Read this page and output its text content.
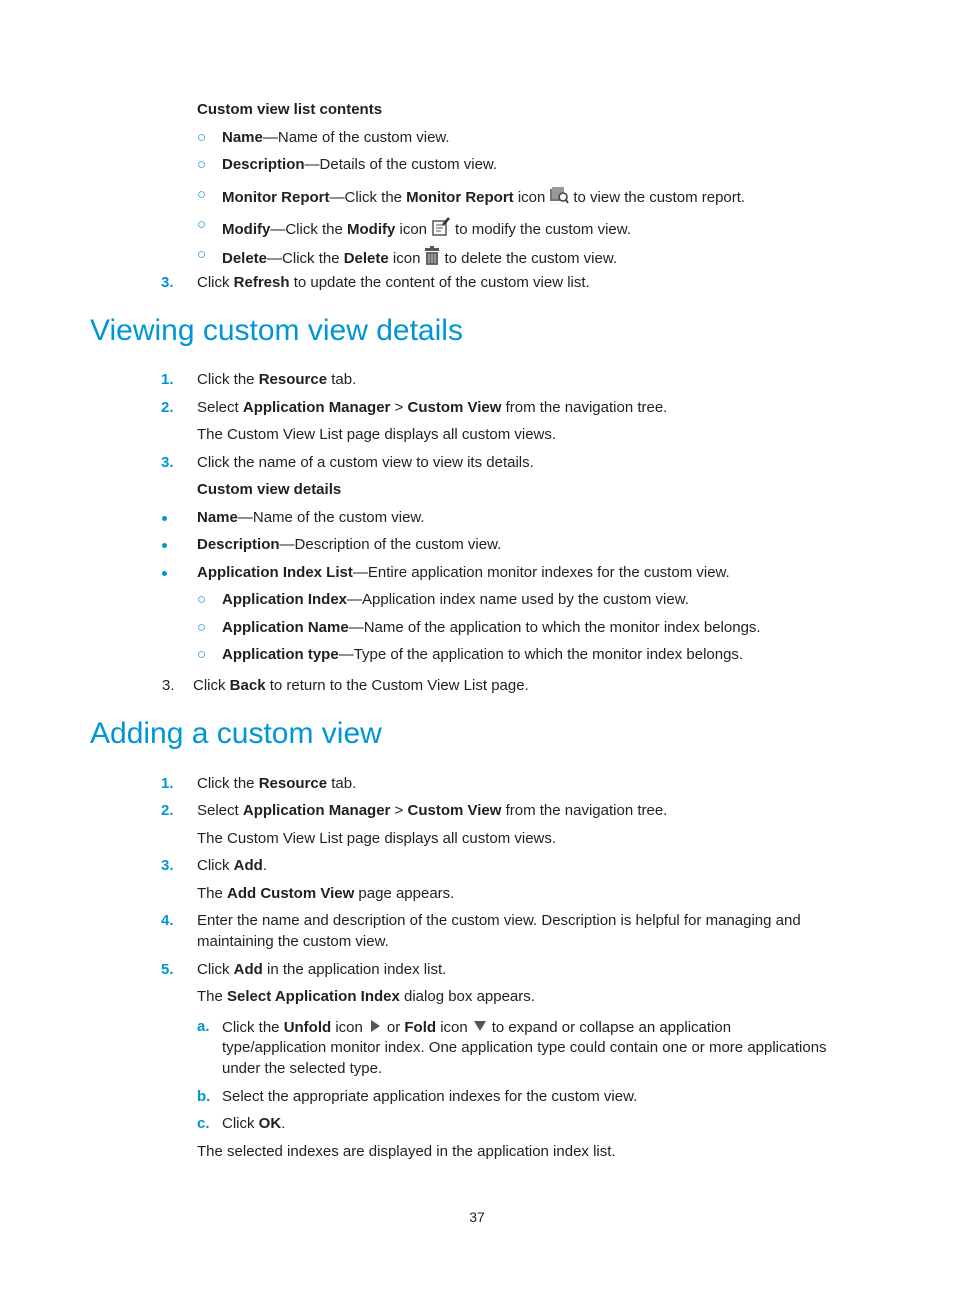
Custom view list contents
○ Name—Name of the custom view.
○ Description—Details of the custom view.
○ Monitor Report—Click the Monitor Report icon to view the custom report.
○ Modify—Click the Modify icon to modify the custom view.
○ Delete—Click the Delete icon to delete the custom view.
3. Click Refresh to update the content of the custom view list.
Viewing custom view details
1. Click the Resource tab.
2. Select Application Manager > Custom View from the navigation tree.
The Custom View List page displays all custom views.
3. Click the name of a custom view to view its details.
Custom view details
Name—Name of the custom view.
Description—Description of the custom view.
Application Index List—Entire application monitor indexes for the custom view.
○ Application Index—Application index name used by the custom view.
○ Application Name—Name of the application to which the monitor index belongs.
○ Application type—Type of the application to which the monitor index belongs.
3. Click Back to return to the Custom View List page.
Adding a custom view
1. Click the Resource tab.
2. Select Application Manager > Custom View from the navigation tree.
The Custom View List page displays all custom views.
3. Click Add.
The Add Custom View page appears.
4. Enter the name and description of the custom view. Description is helpful for managing and
maintaining the custom view.
5. Click Add in the application index list.
The Select Application Index dialog box appears.
a. Click the Unfold icon or Fold icon to expand or collapse an application
type/application monitor index. One application type could contain one or more applications
under the selected type.
b. Select the appropriate application indexes for the custom view.
c. Click OK.
The selected indexes are displayed in the application index list.
37
